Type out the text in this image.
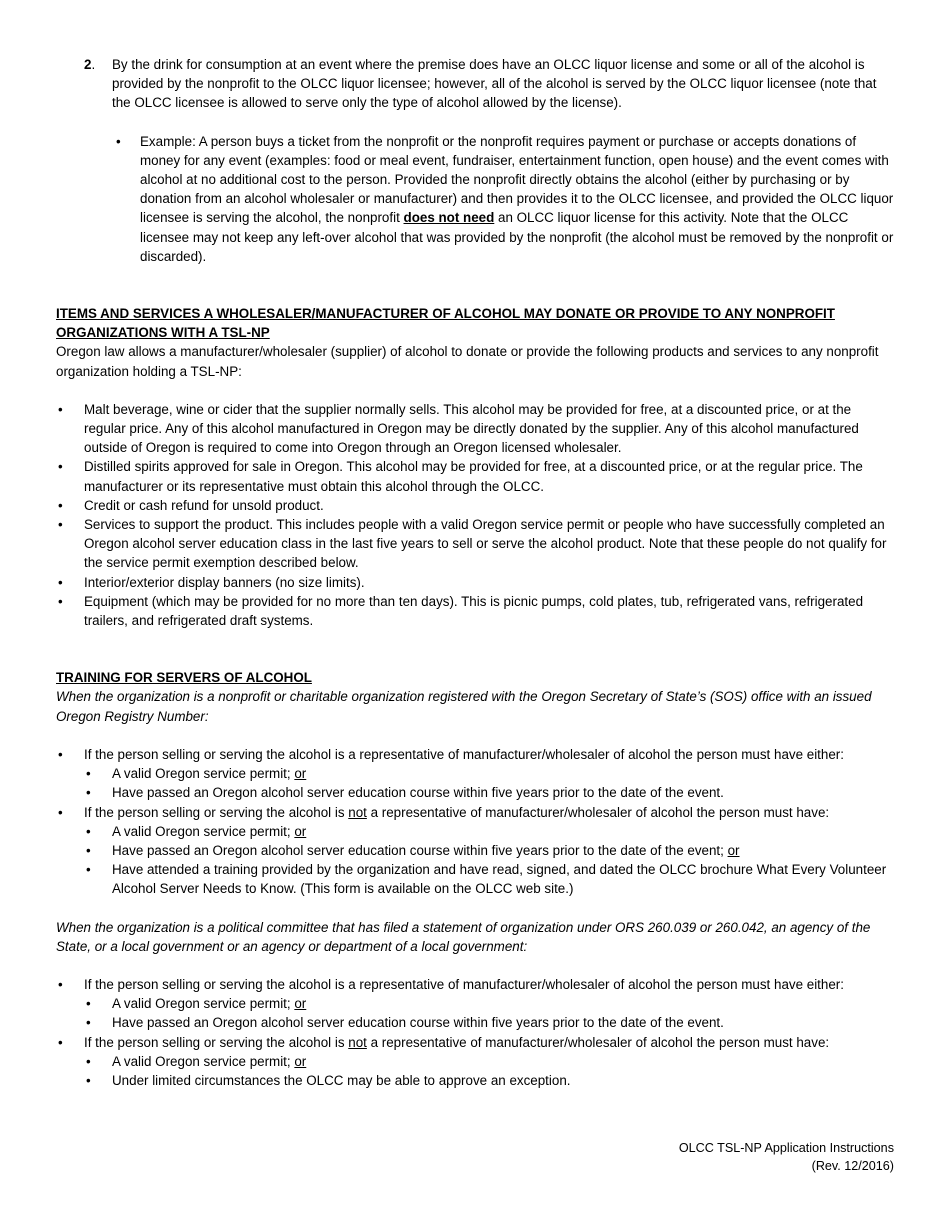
2. By the drink for consumption at an event where the premise does have an OLCC liquor license and some or all of the alcohol is provided by the nonprofit to the OLCC liquor licensee; however, all of the alcohol is served by the OLCC liquor licensee (note that the OLCC licensee is allowed to serve only the type of alcohol allowed by the license).
• Example: A person buys a ticket from the nonprofit or the nonprofit requires payment or purchase or accepts donations of money for any event (examples: food or meal event, fundraiser, entertainment function, open house) and the event comes with alcohol at no additional cost to the person. Provided the nonprofit directly obtains the alcohol (either by purchasing or by donation from an alcohol wholesaler or manufacturer) and then provides it to the OLCC licensee, and provided the OLCC liquor licensee is serving the alcohol, the nonprofit does not need an OLCC liquor license for this activity. Note that the OLCC licensee may not keep any left-over alcohol that was provided by the nonprofit (the alcohol must be removed by the nonprofit or discarded).
ITEMS AND SERVICES A WHOLESALER/MANUFACTURER OF ALCOHOL MAY DONATE OR PROVIDE TO ANY NONPROFIT ORGANIZATIONS WITH A TSL-NP
Oregon law allows a manufacturer/wholesaler (supplier) of alcohol to donate or provide the following products and services to any nonprofit organization holding a TSL-NP:
• Malt beverage, wine or cider that the supplier normally sells. This alcohol may be provided for free, at a discounted price, or at the regular price. Any of this alcohol manufactured in Oregon may be directly donated by the supplier. Any of this alcohol manufactured outside of Oregon is required to come into Oregon through an Oregon licensed wholesaler.
• Distilled spirits approved for sale in Oregon. This alcohol may be provided for free, at a discounted price, or at the regular price. The manufacturer or its representative must obtain this alcohol through the OLCC.
• Credit or cash refund for unsold product.
• Services to support the product. This includes people with a valid Oregon service permit or people who have successfully completed an Oregon alcohol server education class in the last five years to sell or serve the alcohol product. Note that these people do not qualify for the service permit exemption described below.
• Interior/exterior display banners (no size limits).
• Equipment (which may be provided for no more than ten days). This is picnic pumps, cold plates, tub, refrigerated vans, refrigerated trailers, and refrigerated draft systems.
TRAINING FOR SERVERS OF ALCOHOL
When the organization is a nonprofit or charitable organization registered with the Oregon Secretary of State’s (SOS) office with an issued Oregon Registry Number:
• If the person selling or serving the alcohol is a representative of manufacturer/wholesaler of alcohol the person must have either:
• A valid Oregon service permit; or
• Have passed an Oregon alcohol server education course within five years prior to the date of the event.
• If the person selling or serving the alcohol is not a representative of manufacturer/wholesaler of alcohol the person must have:
• A valid Oregon service permit; or
• Have passed an Oregon alcohol server education course within five years prior to the date of the event; or
• Have attended a training provided by the organization and have read, signed, and dated the OLCC brochure What Every Volunteer Alcohol Server Needs to Know. (This form is available on the OLCC web site.)
When the organization is a political committee that has filed a statement of organization under ORS 260.039 or 260.042, an agency of the State, or a local government or an agency or department of a local government:
• If the person selling or serving the alcohol is a representative of manufacturer/wholesaler of alcohol the person must have either:
• A valid Oregon service permit; or
• Have passed an Oregon alcohol server education course within five years prior to the date of the event.
• If the person selling or serving the alcohol is not a representative of manufacturer/wholesaler of alcohol the person must have:
• A valid Oregon service permit; or
• Under limited circumstances the OLCC may be able to approve an exception.
OLCC TSL-NP Application Instructions
(Rev. 12/2016)
